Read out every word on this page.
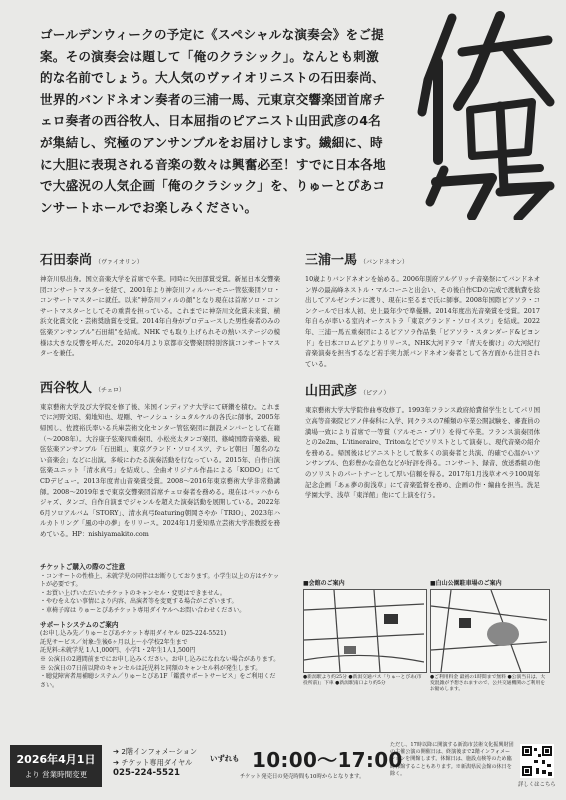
ゴールデンウィークの予定に《スペシャルな演奏会》をご提案。その演奏会は題して「俺のクラシック」。なんとも刺激的な名前でしょう。大人気のヴァイオリニストの石田泰尚、世界的バンドネオン奏者の三浦一馬、元東京交響楽団首席チェロ奏者の西谷牧人、日本屈指のピアニスト山田武彦の4名が集結し、究極のアンサンブルをお届けします。繊細に、時に大胆に表現される音楽の数々は興奮必至！すでに日本各地で大盛況の人気企画「俺のクラシック」を、りゅーとぴあコンサートホールでお楽しみください。

石田泰尚 （ヴァイオリン）

神奈川県出身。国立音楽大学を首席で卒業。同時に矢田部賞受賞。新星日本交響楽団コンサートマスターを経て、2001年より神奈川フィルハーモニー管弦楽団ソロ・コンサートマスターに就任。以来"神奈川フィルの顔"となり現在は首席ソロ・コンサートマスターとしてその重責を担っている。これまでに神奈川文化賞未来賞、横浜文化賞文化・芸術奨励賞を受賞。2014年自身がプロデュースした男性奏者のみの弦楽アンサンブル"石田組"を結成。NHK でも取り上げられその熱いステージの模様は大きな反響を呼んだ。2020年4月より京都市交響楽団特別客演コンサートマスターを兼任。

西谷牧人 （チェロ）

東京藝術大学及び大学院を修了後、米国インディアナ大学にて研鑽を積む。これまでに河野文昭、菊地知也、堤剛、ヤーノシュ・シュタルケルの各氏に師事。2005年帰国し、佐渡裕氏率いる兵庫芸術文化センター管弦楽団に創設メンバーとして在籍（～2008年）。大谷康子弦楽四重奏団、小松亮太タンゴ楽団、篠崎国際音楽塾、破弦弦楽アンサンブル「石田組」、東京グランド・ソロイスツ、テレビ朝日「題名のない音楽会」などに出演。多岐にわたる演奏活動を行なっている。2015年、自作自演弦楽ユニット「清水真弓」を結成し、全曲オリジナル作品による「KODO」にてCDデビュー。2013年度青山音楽賞受賞。2008～2016年東京藝術大学非常勤講師。2008～2019年まで東京交響楽団首席チェロ奏者を務める。現在はバッハからジャズ、タンゴ、自作自演までジャンルを超えた演奏活動を展開している。2022年6月ソロアルバム「STORY」、清水真弓featuring朝岡さやか「TRIO」、2023年ハルカトリング「風の中の夢」をリリース。2024年1月愛知県立芸術大学准教授を務めている。HP：nishiyamakito.com

三浦一馬 （バンドネオン）

10歳よりバンドネオンを始める。2006年別府アルゲリッチ音楽祭にてバンドネオン界の最高峰ネストル・マルコーニと出会い、その後自作CDの完成で渡航費を捻出してアルゼンチンに渡り、現在に至るまで氏に師事。2008年国際ピアソラ・コンクールで日本人初、史上最年少で準優勝。2014年度出光音楽賞を受賞。2017年自らが率いる室内オーケストラ「東京グランド・ソロイスツ」を結成。2022年、三浦一馬五重奏団によるピアソラ作品集「ピアソラ・スタンダード&ビヨンド」を日本コロムビアよりリリース。NHK大河ドラマ「青天を衝け」の大河紀行音楽演奏を担当するなど若手実力派バンドネオン奏者として各方面から注目されている。

山田武彦 （ピアノ）

東京藝術大学大学院作曲専攻修了。1993年フランス政府給費留学生としてパリ国立高等音楽院ピアノ伴奏科に入学、同クラスの7種類の卒業公開試験を、審査員の満場一致により首席で一等賞（アルモニ・プリ）を得て卒業。フランス演奏団体との2e2m、L'itineraire、Tritonなどでソリストとして演奏し、現代音楽の紹介を務める。帰国後はピアニストとして数多くの演奏者と共演、的確で心温かいアンサンブル、色彩豊かな音色などが好評を得る。コンサート、録音、放送番組の他のソリストのパートナーとして厚い信頼を得る。2017年1月浅草オペラ100周年記念企画「あぁ夢の街浅草」にて音楽監督を務め、企画の作・編曲を担当。洗足学園大学、浅草「東洋館」他にて上演を行う。

チケットご購入の際のご注意

・コンサートの性格上、未就学児の同伴はお断りしております。小学生以上の方はチケットが必要です。

・お買い上げいただいたチケットのキャンセル・変更はできません。

・やむをえない事情により内容、出演者等を変更する場合がございます。

・車椅子席は りゅーとぴあチケット専用ダイヤルへお問い合わせください。

サポートシステムのご案内

(お申し込み先／りゅーとぴあチケット専用ダイヤル 025-224-5521)

託児サービス／対象:生後6ヶ月以上～小学校2年生まで

託児料:未就学児 1人1,000円、小学1・2年生1人1,500円

※ 公演日の2週間前までにお申し込みください。お申し込みになれない場合があります。

※ 公演日の7日前以降のキャンセルは託児料と同額のキャンセル料が発生します。

・聴覚障害者用補聴システム／りゅーとぴあ1F「鑑賞サポートサービス」をご利用ください。

■会館のご案内

●新潟駅より約25分 ●新潟交通バス「りゅーとぴあ(市役所前)」下車 ●新潟駅南口より約5分

■白山公園駐車場のご案内

●ご利用料金 最初の1時間まで無料 ●公演当日は、大変混雑が予想されますので、公共交通機関のご利用をお勧めします。

2026年4月1日
より 営業時間変更
➔ 2階インフォメーション
➔ チケット専用ダイヤル
025-224-5521
いずれも 10:00～17:00
チケット発売日の発売時間も10時からとなります。
ただし、17時以降に開演する新潟市芸術文化振興財団の主催公演の開催日は、終演後まで2階インフォメーションを開館します。休館日は、施設点検等のため臨時休館することもあります。※新潟県民会館の休日を除く。
詳しくはこちら
